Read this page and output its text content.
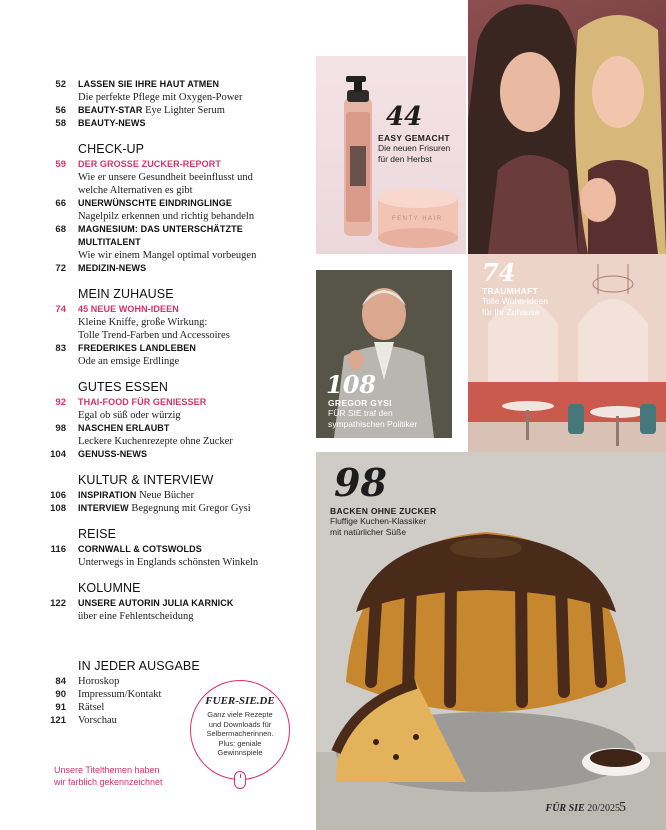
52 LASSEN SIE IHRE HAUT ATMEN
Die perfekte Pflege mit Oxygen-Power
56 BEAUTY-STAR Eye Lighter Serum
58 BEAUTY-NEWS
CHECK-UP
59 DER GROSSE ZUCKER-REPORT
Wie er unsere Gesundheit beeinflusst und
welche Alternativen es gibt
66 UNERWÜNSCHTE EINDRINGLINGE
Nagelpilz erkennen und richtig behandeln
68 MAGNESIUM: DAS UNTERSCHÄTZTE MULTITALENT
Wie wir einem Mangel optimal vorbeugen
72 MEDIZIN-NEWS
MEIN ZUHAUSE
74 45 NEUE WOHN-IDEEN
Kleine Kniffe, große Wirkung:
Tolle Trend-Farben und Accessoires
83 FREDERIKES LANDLEBEN
Ode an emsige Erdlinge
GUTES ESSEN
92 THAI-FOOD FÜR GENIESSER
Egal ob süß oder würzig
98 NASCHEN ERLAUBT
Leckere Kuchenrezepte ohne Zucker
104 GENUSS-NEWS
KULTUR & INTERVIEW
106 INSPIRATION Neue Bücher
108 INTERVIEW Begegnung mit Gregor Gysi
REISE
116 CORNWALL & COTSWOLDS
Unterwegs in Englands schönsten Winkeln
KOLUMNE
122 UNSERE AUTORIN JULIA KARNICK
über eine Fehlentscheidung
IN JEDER AUSGABE
84 Horoskop
90 Impressum/Kontakt
91 Rätsel
121 Vorschau
Unsere Titelthemen haben
wir farblich gekennzeichnet
FUER-SIE.DE
Ganz viele Rezepte
und Downloads für
Selbermacherinnen.
Plus: geniale
Gewinnspiele
FENTY HAIR
44
EASY GEMACHT
Die neuen Frisuren
für den Herbst
108
GREGOR GYSI
FÜR SIE traf den
sympathischen Politiker
74
TRAUMHAFT
Tolle Wohn-Ideen
für Ihr Zuhause
98
BACKEN OHNE ZUCKER
Fluffige Kuchen-Klassiker
mit natürlicher Süße
FÜR SIE 20/2025 5
